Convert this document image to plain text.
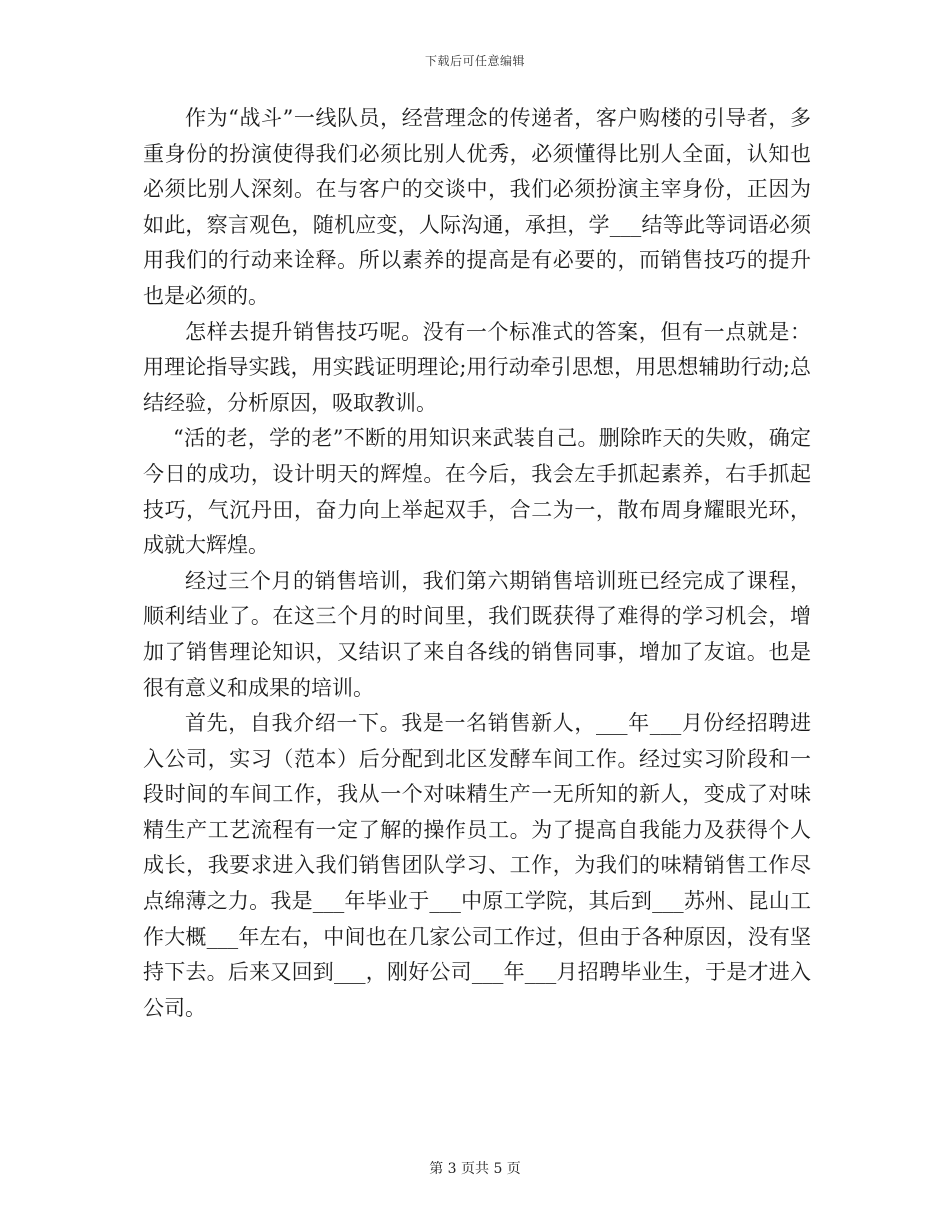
下载后可任意编辑

作为“战斗”一线队员，经营理念的传递者，客户购楼的引导者，多重身份的扮演使得我们必须比别人优秀，必须懂得比别人全面，认知也必须比别人深刻。在与客户的交谈中，我们必须扮演主宰身份，正因为如此，察言观色，随机应变，人际沟通，承担，学___结等此等词语必须用我们的行动来诠释。所以素养的提高是有必要的，而销售技巧的提升也是必须的。

怎样去提升销售技巧呢。没有一个标准式的答案，但有一点就是：用理论指导实践，用实践证明理论;用行动牵引思想，用思想辅助行动;总结经验，分析原因，吸取教训。

“活的老，学的老”不断的用知识来武装自己。删除昨天的失败，确定今日的成功，设计明天的辉煌。在今后，我会左手抓起素养，右手抓起技巧，气沉丹田，奋力向上举起双手，合二为一，散布周身耀眼光环，成就大辉煌。

经过三个月的销售培训，我们第六期销售培训班已经完成了课程，顺利结业了。在这三个月的时间里，我们既获得了难得的学习机会，增加了销售理论知识，又结识了来自各线的销售同事，增加了友谊。也是很有意义和成果的培训。

首先，自我介绍一下。我是一名销售新人，___年___月份经招聘进入公司，实习（范本）后分配到北区发酵车间工作。经过实习阶段和一段时间的车间工作，我从一个对味精生产一无所知的新人，变成了对味精生产工艺流程有一定了解的操作员工。为了提高自我能力及获得个人成长，我要求进入我们销售团队学习、工作，为我们的味精销售工作尽点绵薄之力。我是___年毕业于___中原工学院，其后到___苏州、昆山工作大概___年左右，中间也在几家公司工作过，但由于各种原因，没有坚持下去。后来又回到___，刚好公司___年___月招聘毕业生，于是才进入公司。

第 3 页共 5 页
